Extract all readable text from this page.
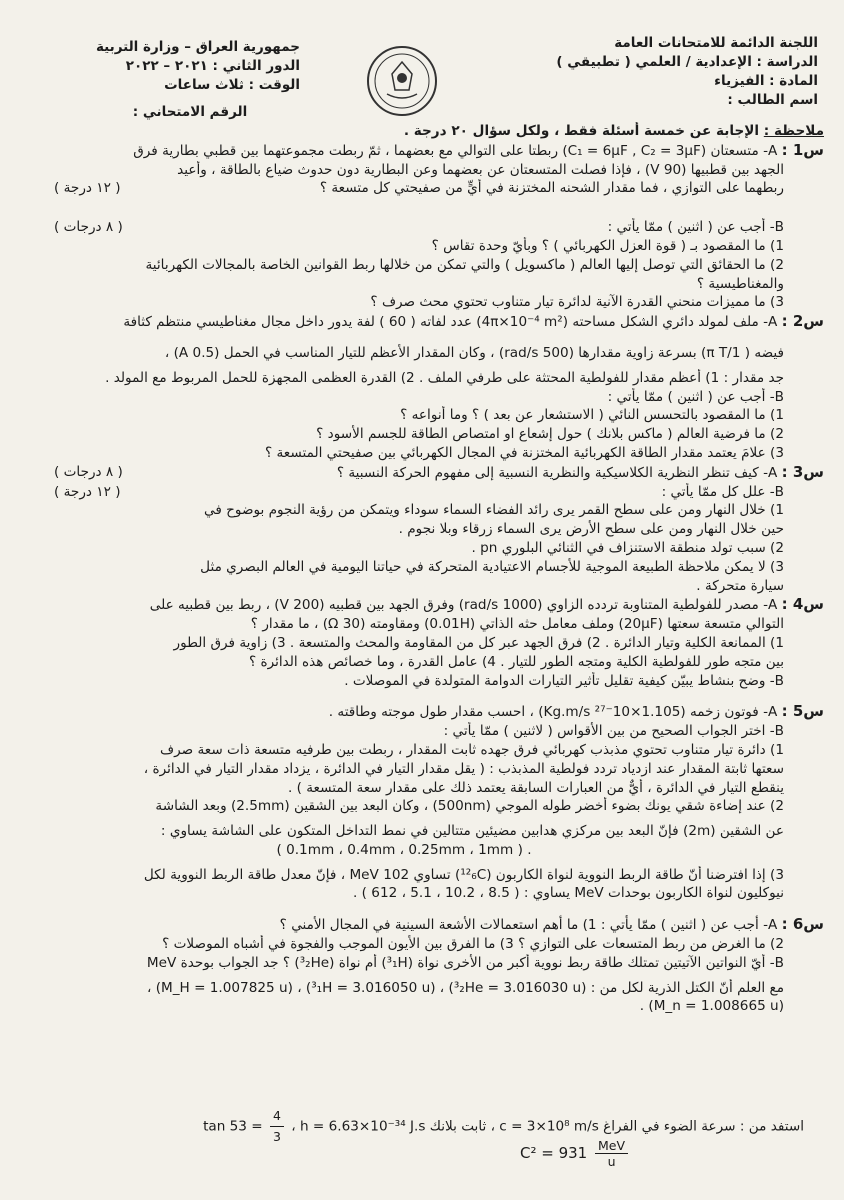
اللجنة الدائمة للامتحانات العامة
الدراسة : الإعدادية / العلمي ( تطبيقي )
المادة : الفيزياء
اسم الطالب :
جمهورية العراق – وزارة التربية
الدور الثاني : ٢٠٢١ – ٢٠٢٢
الوقت : ثلاث ساعات
الرقم الامتحاني :
ملاحظة : الإجابة عن خمسة أسئلة فقط ، ولكل سؤال ٢٠ درجة .
س1 : A- متسعتان (C₁ = 6μF , C₂ = 3μF) ربطتا على التوالي مع بعضهما ، ثمّ ربطت مجموعتهما بين قطبي بطارية فرق
الجهد بين قطبيها (90 V) ، فإذا فصلت المتسعتان عن بعضهما وعن البطارية دون حدوث ضياع بالطاقة ، وأعيد
ربطهما على التوازي ، فما مقدار الشحنه المختزنة في أيٍّ من صفيحتي كل متسعة ؟
( ١٢ درجة )
B- أجب عن ( اثنين ) ممّا يأتي :
( ٨ درجات )
1) ما المقصود بـ ( قوة العزل الكهربائي ) ؟ وبأيّ وحدة تقاس ؟
2) ما الحقائق التي توصل إليها العالم ( ماكسويل ) والتي تمكن من خلالها ربط القوانين الخاصة بالمجالات الكهربائية
والمغناطيسية ؟
3) ما مميزات منحني القدرة الآنية لدائرة تيار متناوب تحتوي محث صرف ؟
س2 : A- ملف لمولد دائري الشكل مساحته (4π×10⁻⁴ m²) عدد لفاته ( 60 ) لفة يدور داخل مجال مغناطيسي منتظم كثافة
فيضه ( 1/π T) بسرعة زاوية مقدارها (500 rad/s) ، وكان المقدار الأعظم للتيار المناسب في الحمل (0.5 A) ،
جد مقدار : 1) أعظم مقدار للفولطية المحتثة على طرفي الملف . 2) القدرة العظمى المجهزة للحمل المربوط مع المولد .
B- أجب عن ( اثنين ) ممّا يأتي :
1) ما المقصود بالتحسس النائي ( الاستشعار عن بعد ) ؟ وما أنواعه ؟
2) ما فرضية العالم ( ماكس بلانك ) حول إشعاع او امتصاص الطاقة للجسم الأسود ؟
3) علامَ يعتمد مقدار الطاقة الكهربائية المختزنة في المجال الكهربائي بين صفيحتي المتسعة ؟
س3 : A- كيف تنظر النظرية الكلاسيكية والنظرية النسبية إلى مفهوم الحركة النسبية ؟
( ٨ درجات )
B- علل كل ممّا يأتي :
( ١٢ درجة )
1) خلال النهار ومن على سطح القمر يرى رائد الفضاء السماء سوداء ويتمكن من رؤية النجوم بوضوح في
حين خلال النهار ومن على سطح الأرض يرى السماء زرقاء وبلا نجوم .
2) سبب تولد منطقة الاستنزاف في الثنائي البلوري pn .
3) لا يمكن ملاحظة الطبيعة الموجية للأجسام الاعتيادية المتحركة في حياتنا اليومية في العالم البصري مثل
سيارة متحركة .
س4 : A- مصدر للفولطية المتناوبة تردده الزاوي (1000 rad/s) وفرق الجهد بين قطبيه (200 V) ، ربط بين قطبيه على
التوالي متسعة سعتها (20μF) وملف معامل حثه الذاتي (0.01H) ومقاومته (30 Ω) ، ما مقدار ؟
1) الممانعة الكلية وتيار الدائرة . 2) فرق الجهد عبر كل من المقاومة والمحث والمتسعة . 3) زاوية فرق الطور
بين متجه طور للفولطية الكلية ومتجه الطور للتيار . 4) عامل القدرة ، وما خصائص هذه الدائرة ؟
B- وضح بنشاط يبيّن كيفية تقليل تأثير التيارات الدوامة المتولدة في الموصلات .
س5 : A- فوتون زخمه (1.105×10⁻²⁷ Kg.m/s) ، احسب مقدار طول موجته وطاقته .
B- اختر الجواب الصحيح من بين الأقواس ( لاثنين ) ممّا يأتي :
1) دائرة تيار متناوب تحتوي مذبذب كهربائي فرق جهده ثابت المقدار ، ربطت بين طرفيه متسعة ذات سعة صرف
سعتها ثابتة المقدار عند ازدياد تردد فولطية المذبذب : ( يقل مقدار التيار في الدائرة ، يزداد مقدار التيار في الدائرة ،
ينقطع التيار في الدائرة ، أيٌّ من العبارات السابقة يعتمد ذلك على مقدار سعة المتسعة ) .
2) عند إضاءة شقي يونك بضوء أخضر طوله الموجي (500nm) ، وكان البعد بين الشقين (2.5mm) وبعد الشاشة
عن الشقين (2m) فإنّ البعد بين مركزي هدابين مضيئين متتالين في نمط التداخل المتكون على الشاشة يساوي :
( 0.1mm ، 0.4mm ، 0.25mm ، 1mm ) .
3) إذا افترضنا أنّ طاقة الربط النووية لنواة الكاربون (¹²₆C) تساوي 102 MeV ، فإنّ معدل طاقة الربط النووية لكل
نيوكليون لنواة الكاربون بوحدات MeV يساوي : ( 8.5 ، 10.2 ، 5.1 ، 612 ) .
س6 : A- أجب عن ( اثنين ) ممّا يأتي : 1) ما أهم استعمالات الأشعة السينية في المجال الأمني ؟
2) ما الغرض من ربط المتسعات على التوازي ؟ 3) ما الفرق بين الأيون الموجب والفجوة في أشباه الموصلات ؟
B- أيّ النواتين الآتيتين تمتلك طاقة ربط نووية أكبر من الأخرى نواة (³₁H) أم نواة (³₂He) ؟ جد الجواب بوحدة MeV
مع العلم أنّ الكتل الذرية لكل من : (³₂He = 3.016030 u) ، (³₁H = 3.016050 u) ، (M_H = 1.007825 u) ،
(M_n = 1.008665 u) .
استفد من : سرعة الضوء في الفراغ c = 3×10⁸ m/s ، ثابت بلانك h = 6.63×10⁻³⁴ J.s ، $\tan 53 = \frac{4}{3}$
$C^2 = 931 \frac{\text{MeV}}{u}$
